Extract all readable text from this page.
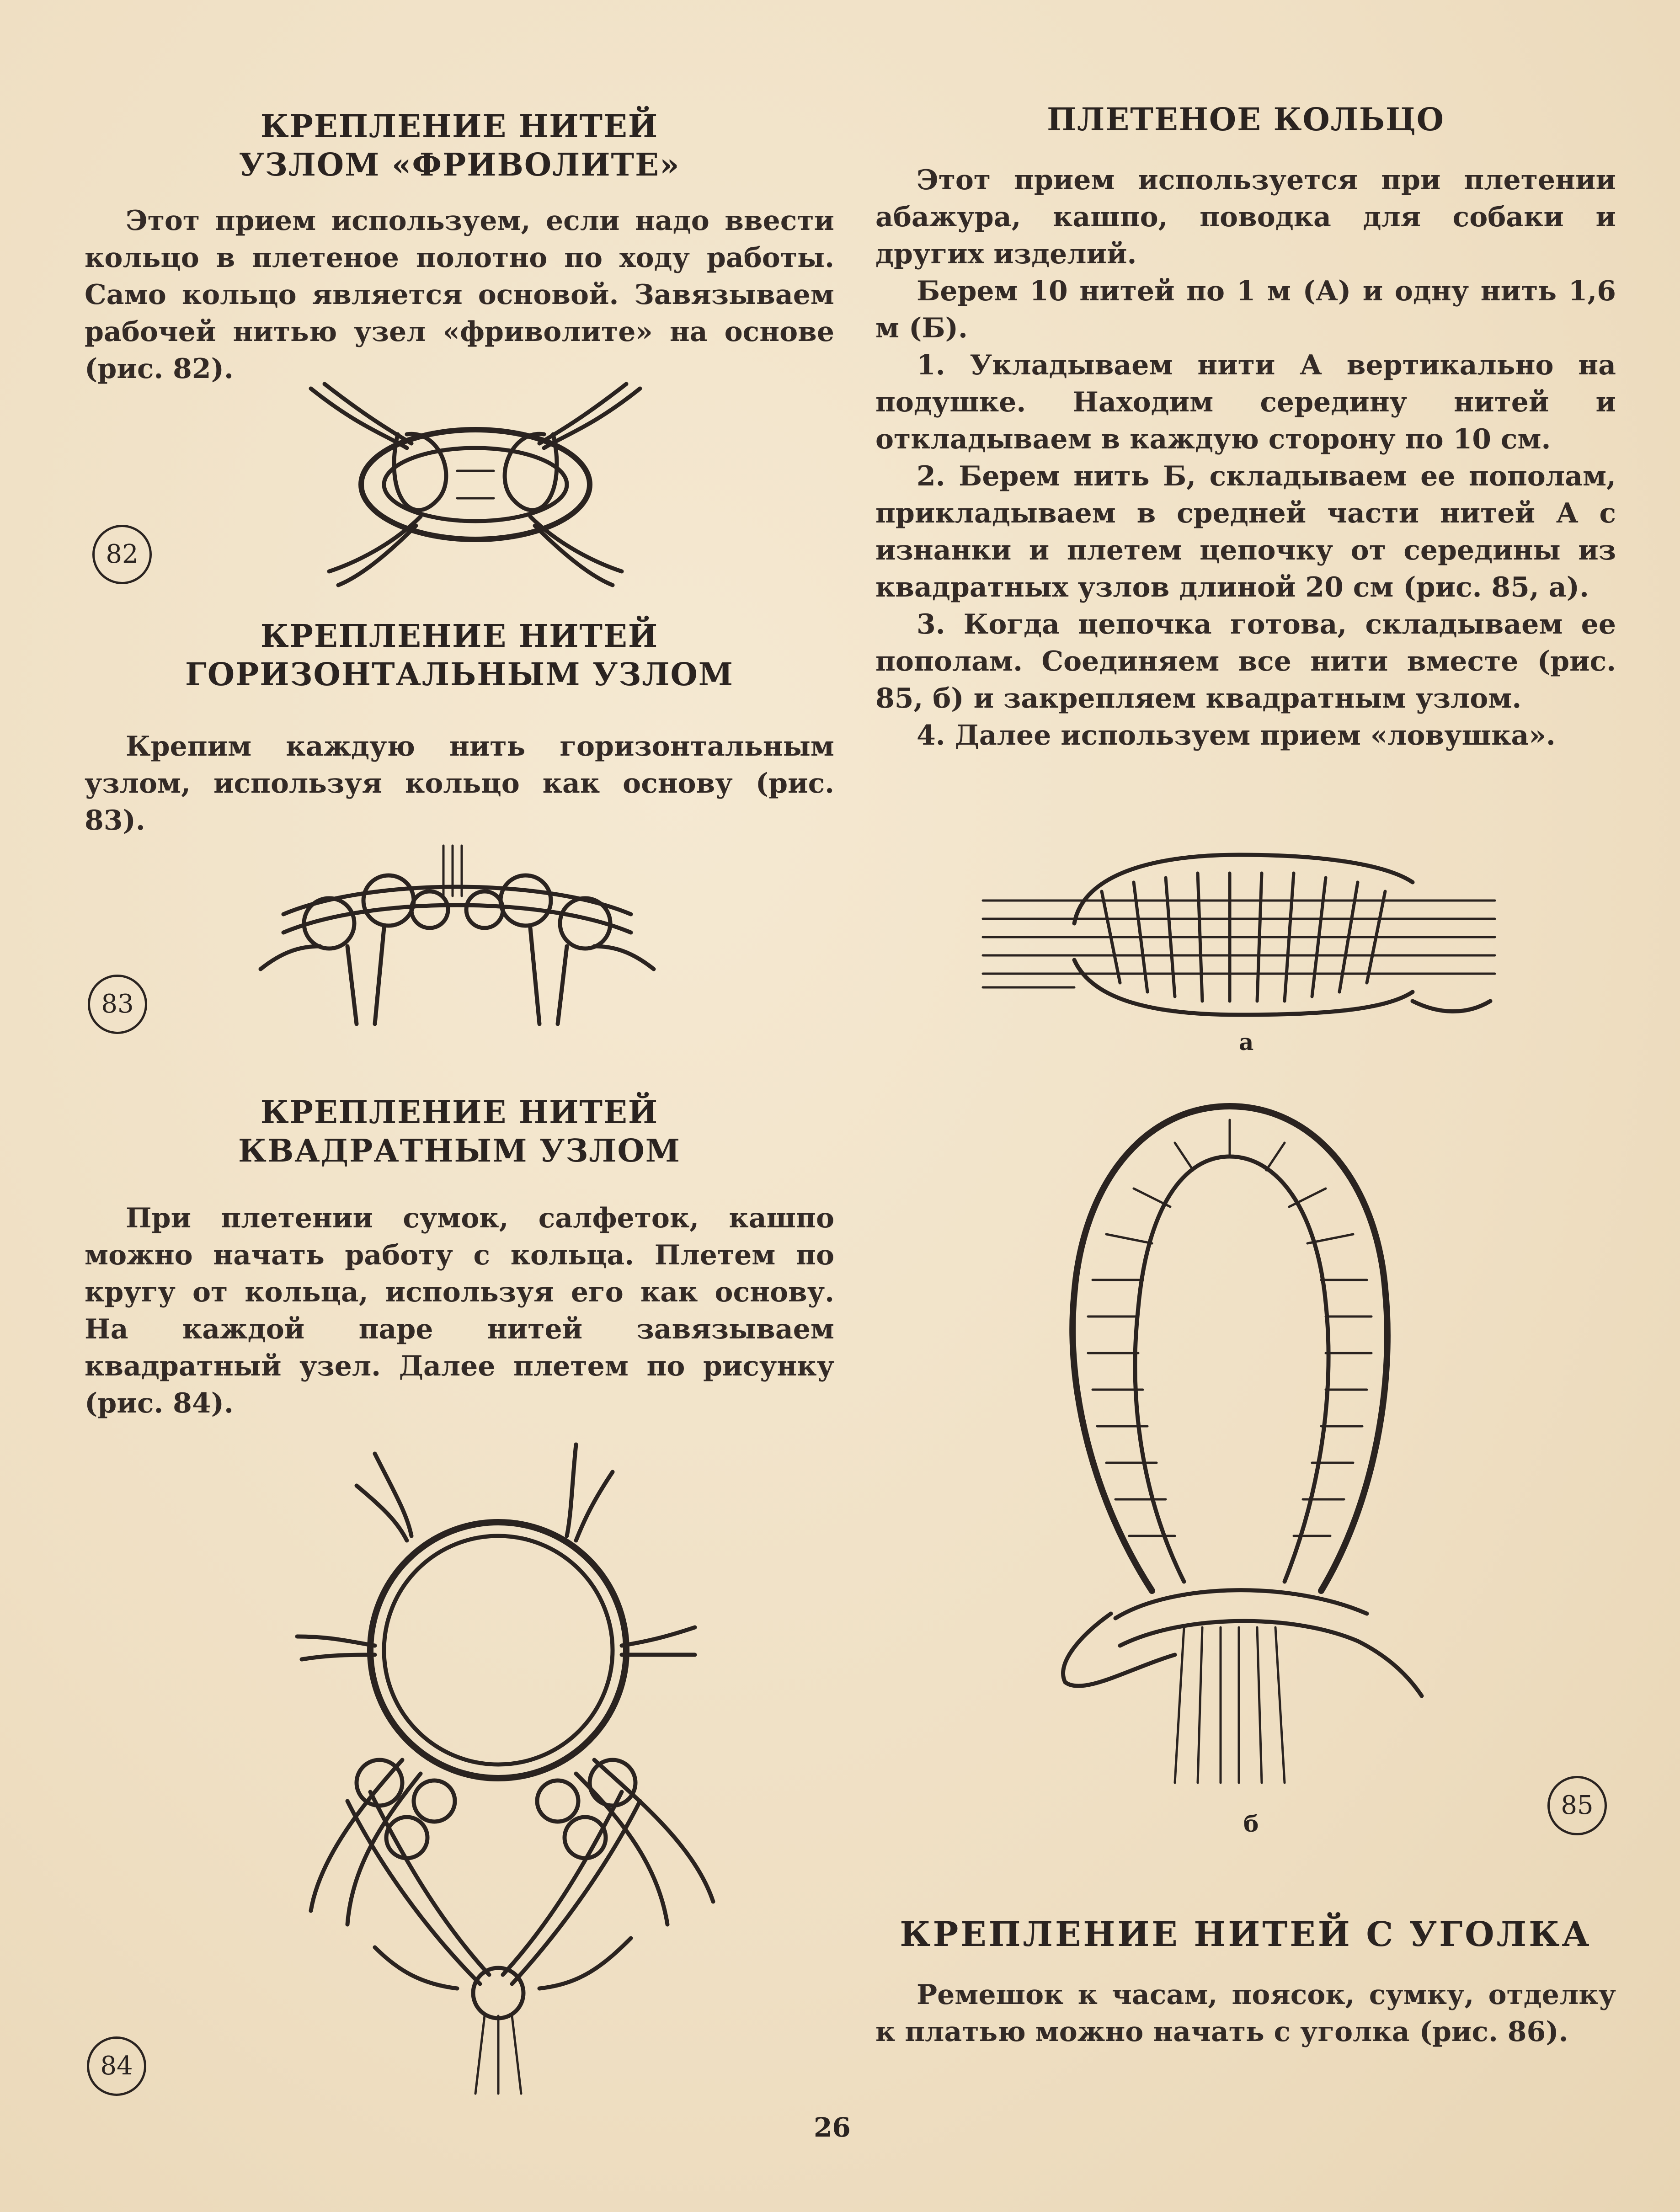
КРЕПЛЕНИЕ НИТЕЙ
УЗЛОМ «ФРИВОЛИТЕ»

Этот прием используем, если надо ввести кольцо в плетеное полотно по ходу работы. Само кольцо является основой. Завязываем рабочей нитью узел «фриволите» на основе (рис. 82).

82
КРЕПЛЕНИЕ НИТЕЙ
ГОРИЗОНТАЛЬНЫМ УЗЛОМ

Крепим каждую нить горизонтальным узлом, используя кольцо как основу (рис. 83).

83
КРЕПЛЕНИЕ НИТЕЙ
КВАДРАТНЫМ УЗЛОМ

При плетении сумок, салфеток, кашпо можно начать работу с кольца. Плетем по кругу от кольца, используя его как основу. На каждой паре нитей завязываем квадратный узел. Далее плетем по рисунку (рис. 84).

84
ПЛЕТЕНОЕ КОЛЬЦО

Этот прием используется при плетении абажура, кашпо, поводка для собаки и других изделий.

Берем 10 нитей по 1 м (А) и одну нить 1,6 м (Б).

1. Укладываем нити А вертикально на подушке. Находим середину нитей и откладываем в каждую сторону по 10 см.

2. Берем нить Б, складываем ее пополам, прикладываем в средней части нитей А с изнанки и плетем цепочку от середины из квадратных узлов длиной 20 см (рис. 85, а).

3. Когда цепочка готова, складываем ее пополам. Соединяем все нити вместе (рис. 85, б) и закрепляем квадратным узлом.

4. Далее используем прием «ловушка».

а
б
85
КРЕПЛЕНИЕ НИТЕЙ С УГОЛКА

Ремешок к часам, поясок, сумку, отделку к платью можно начать с уголка (рис. 86).

26
